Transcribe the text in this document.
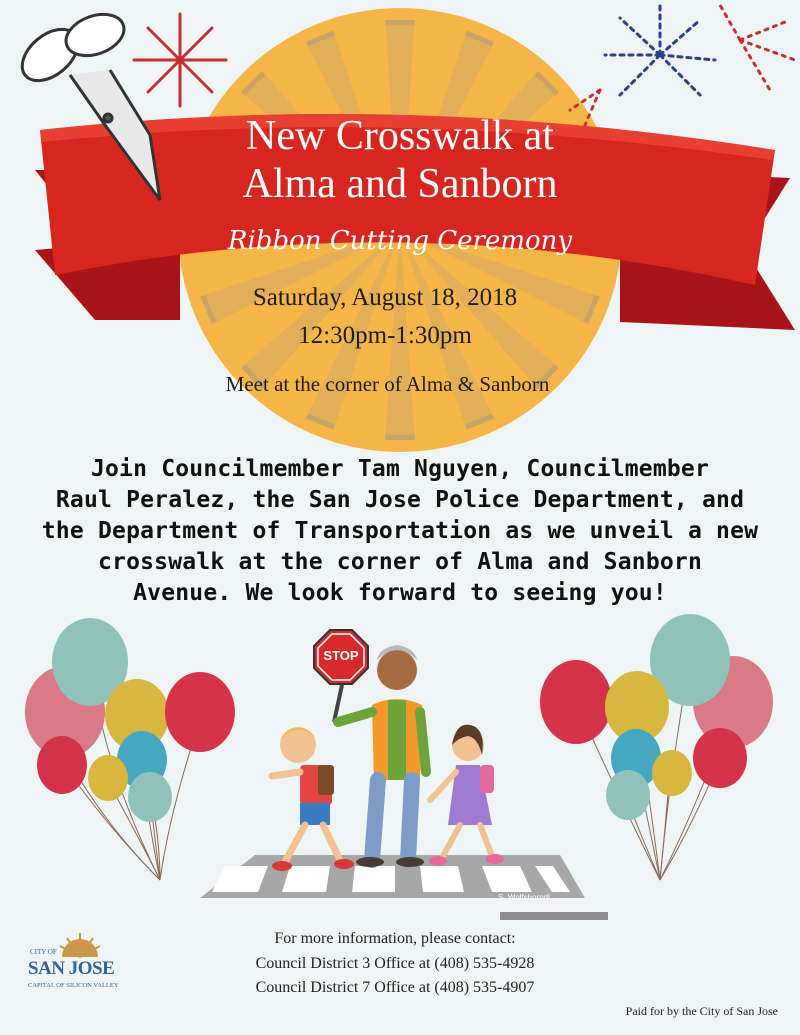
New Crosswalk at
Alma and Sanborn
Ribbon Cutting Ceremony
Saturday, August 18, 2018
12:30pm-1:30pm
Meet at the corner of Alma & Sanborn
Join Councilmember Tam Nguyen, Councilmember
Raul Peralez, the San Jose Police Department, and
the Department of Transportation as we unveil a new
crosswalk at the corner of Alma and Sanborn
Avenue. We look forward to seeing you!
STOP
S. Wolfshorndl
For more information, please contact:
Council District 3 Office at (408) 535-4928
Council District 7 Office at (408) 535-4907
CITY OF
SAN JOSE
CAPITAL OF SILICON VALLEY
Paid for by the City of San Jose
